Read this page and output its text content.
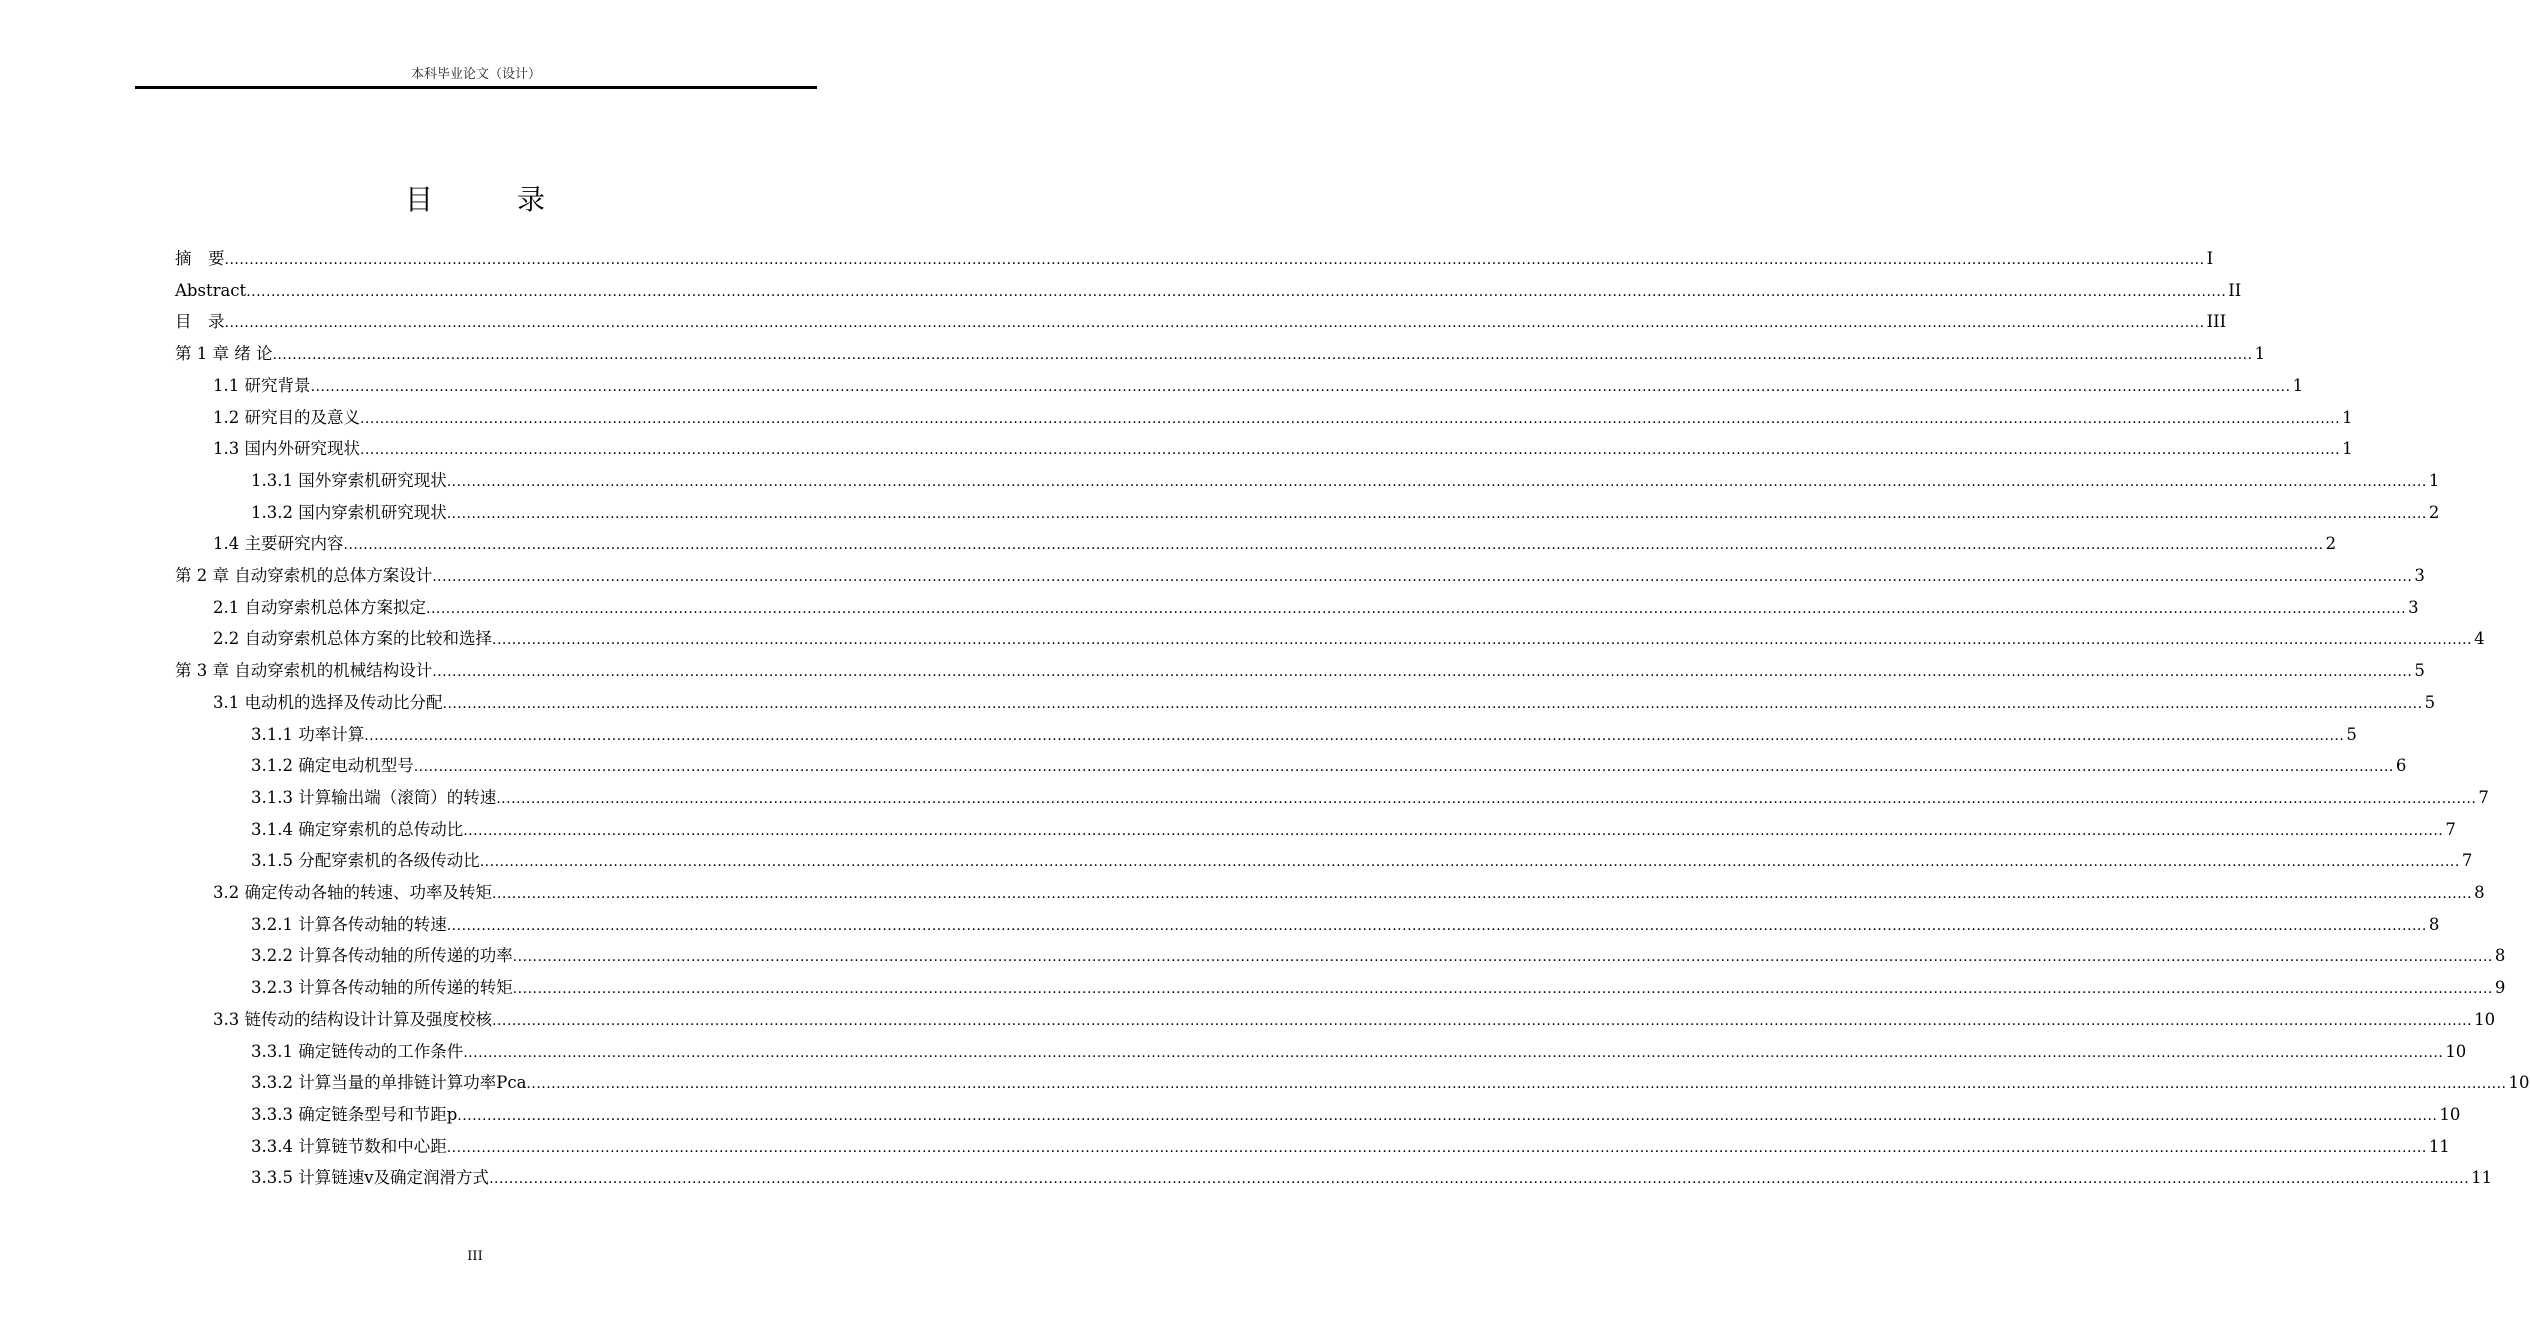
本科毕业论文（设计）
目　录
摘　要 ................................................................................................................................................................................................................................................................................................................................................................................................................ I
Abstract ................................................................................................................................................................................................................................................................................................................................................................................................................ II
目　录 ................................................................................................................................................................................................................................................................................................................................................................................................................ III
第 1 章 绪 论 ................................................................................................................................................................................................................................................................................................................................................................................................................ 1
1.1 研究背景 ................................................................................................................................................................................................................................................................................................................................................................................................................ 1
1.2 研究目的及意义 ................................................................................................................................................................................................................................................................................................................................................................................................................ 1
1.3 国内外研究现状 ................................................................................................................................................................................................................................................................................................................................................................................................................ 1
1.3.1 国外穿索机研究现状 ................................................................................................................................................................................................................................................................................................................................................................................................................ 1
1.3.2 国内穿索机研究现状 ................................................................................................................................................................................................................................................................................................................................................................................................................ 2
1.4 主要研究内容 ................................................................................................................................................................................................................................................................................................................................................................................................................ 2
第 2 章 自动穿索机的总体方案设计 ................................................................................................................................................................................................................................................................................................................................................................................................................ 3
2.1 自动穿索机总体方案拟定 ................................................................................................................................................................................................................................................................................................................................................................................................................ 3
2.2 自动穿索机总体方案的比较和选择 ................................................................................................................................................................................................................................................................................................................................................................................................................ 4
第 3 章 自动穿索机的机械结构设计 ................................................................................................................................................................................................................................................................................................................................................................................................................ 5
3.1 电动机的选择及传动比分配 ................................................................................................................................................................................................................................................................................................................................................................................................................ 5
3.1.1 功率计算 ................................................................................................................................................................................................................................................................................................................................................................................................................ 5
3.1.2 确定电动机型号 ................................................................................................................................................................................................................................................................................................................................................................................................................ 6
3.1.3 计算输出端（滚筒）的转速 ................................................................................................................................................................................................................................................................................................................................................................................................................ 7
3.1.4 确定穿索机的总传动比 ................................................................................................................................................................................................................................................................................................................................................................................................................ 7
3.1.5 分配穿索机的各级传动比 ................................................................................................................................................................................................................................................................................................................................................................................................................ 7
3.2 确定传动各轴的转速、功率及转矩 ................................................................................................................................................................................................................................................................................................................................................................................................................ 8
3.2.1 计算各传动轴的转速 ................................................................................................................................................................................................................................................................................................................................................................................................................ 8
3.2.2 计算各传动轴的所传递的功率 ................................................................................................................................................................................................................................................................................................................................................................................................................ 8
3.2.3 计算各传动轴的所传递的转矩 ................................................................................................................................................................................................................................................................................................................................................................................................................ 9
3.3 链传动的结构设计计算及强度校核 ................................................................................................................................................................................................................................................................................................................................................................................................................ 10
3.3.1 确定链传动的工作条件 ................................................................................................................................................................................................................................................................................................................................................................................................................ 10
3.3.2 计算当量的单排链计算功率Pca ................................................................................................................................................................................................................................................................................................................................................................................................................ 10
3.3.3 确定链条型号和节距p ................................................................................................................................................................................................................................................................................................................................................................................................................ 10
3.3.4 计算链节数和中心距 ................................................................................................................................................................................................................................................................................................................................................................................................................ 11
3.3.5 计算链速v及确定润滑方式 ................................................................................................................................................................................................................................................................................................................................................................................................................ 11
III
